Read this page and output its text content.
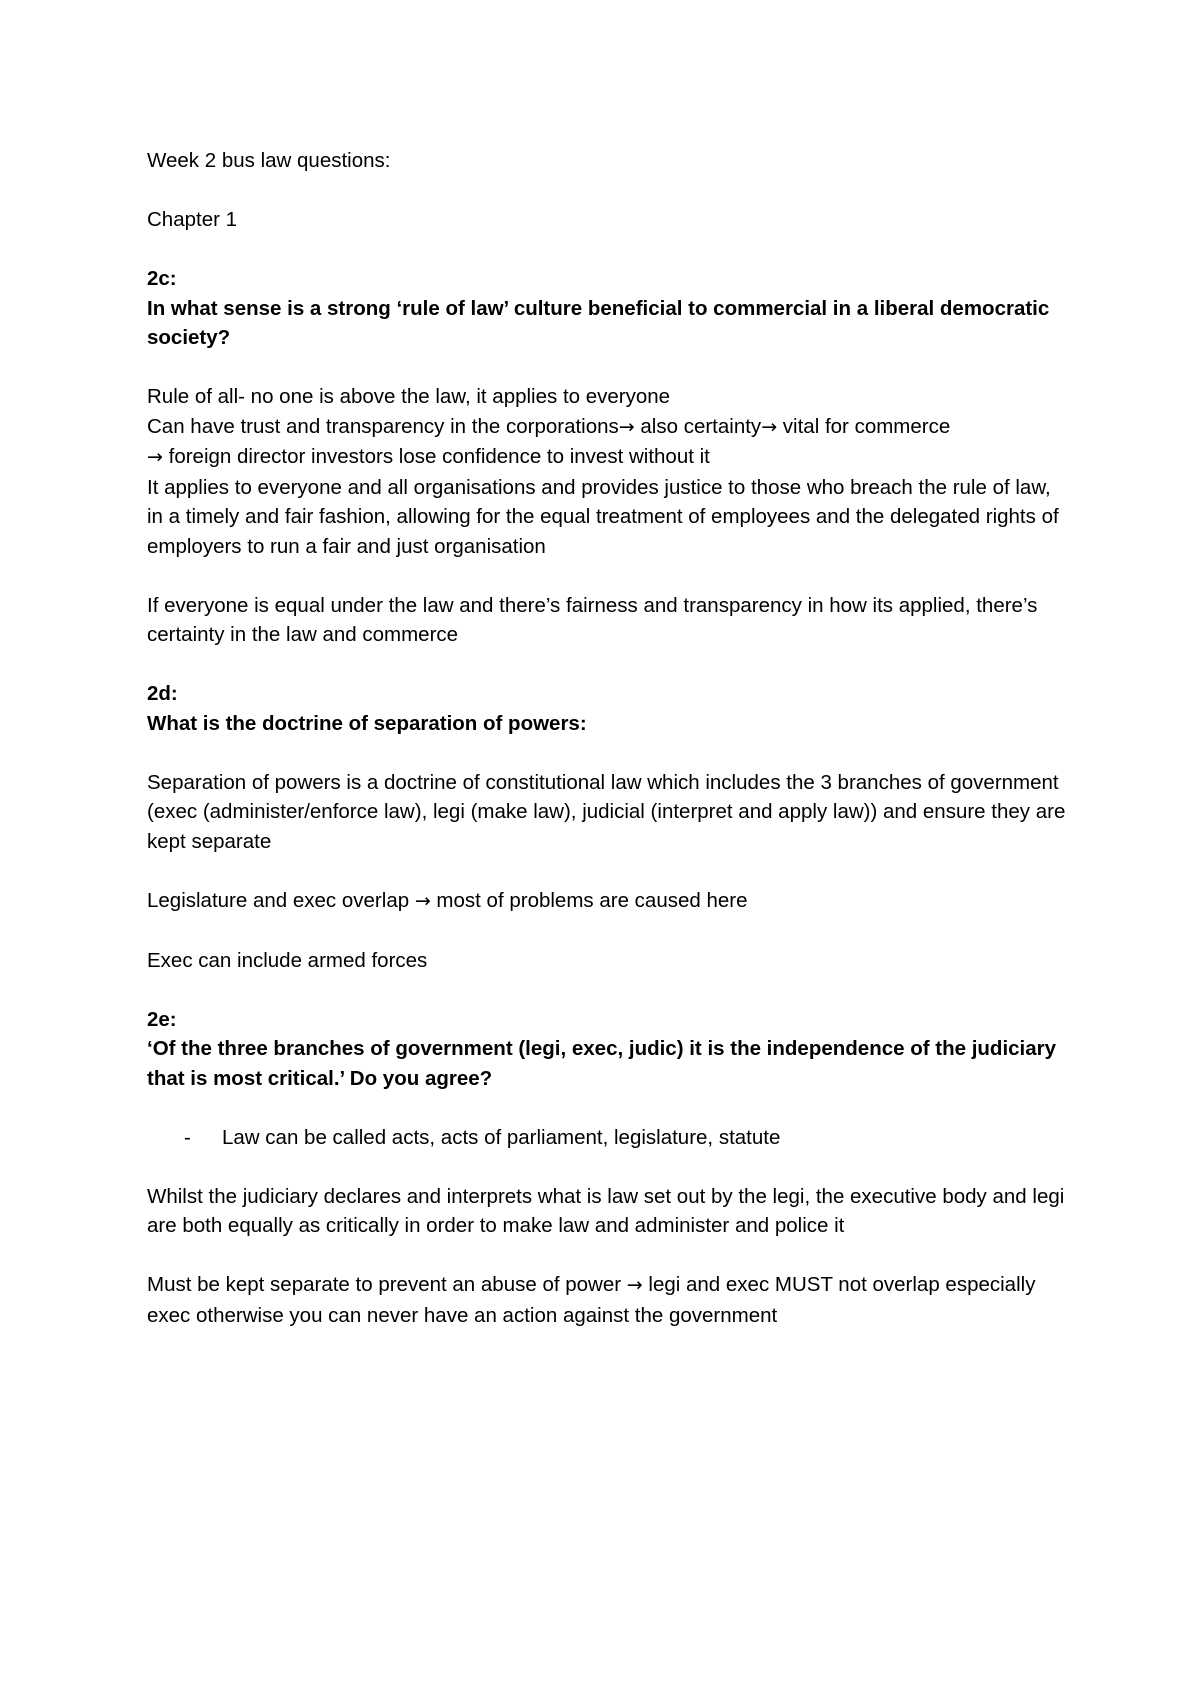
Week 2 bus law questions:

Chapter 1

2c:

In what sense is a strong ‘rule of law’ culture beneficial to commercial in a liberal democratic society?

Rule of all- no one is above the law, it applies to everyone

Can have trust and transparency in the corporations→ also certainty→ vital for commerce

→ foreign director investors lose confidence to invest without it

It applies to everyone and all organisations and provides justice to those who breach the rule of law, in a timely and fair fashion, allowing for the equal treatment of employees and the delegated rights of employers to run a fair and just organisation

If everyone is equal under the law and there’s fairness and transparency in how its applied, there’s certainty in the law and commerce

2d:

What is the doctrine of separation of powers:

Separation of powers is a doctrine of constitutional law which includes the 3 branches of government (exec (administer/enforce law), legi (make law), judicial (interpret and apply law)) and ensure they are kept separate

Legislature and exec overlap → most of problems are caused here

Exec can include armed forces

2e:

‘Of the three branches of government (legi, exec, judic) it is the independence of the judiciary that is most critical.’ Do you agree?

-	Law can be called acts, acts of parliament, legislature, statute

Whilst the judiciary declares and interprets what is law set out by the legi, the executive body and legi are both equally as critically in order to make law and administer and police it

Must be kept separate to prevent an abuse of power → legi and exec MUST not overlap especially exec otherwise you can never have an action against the government
